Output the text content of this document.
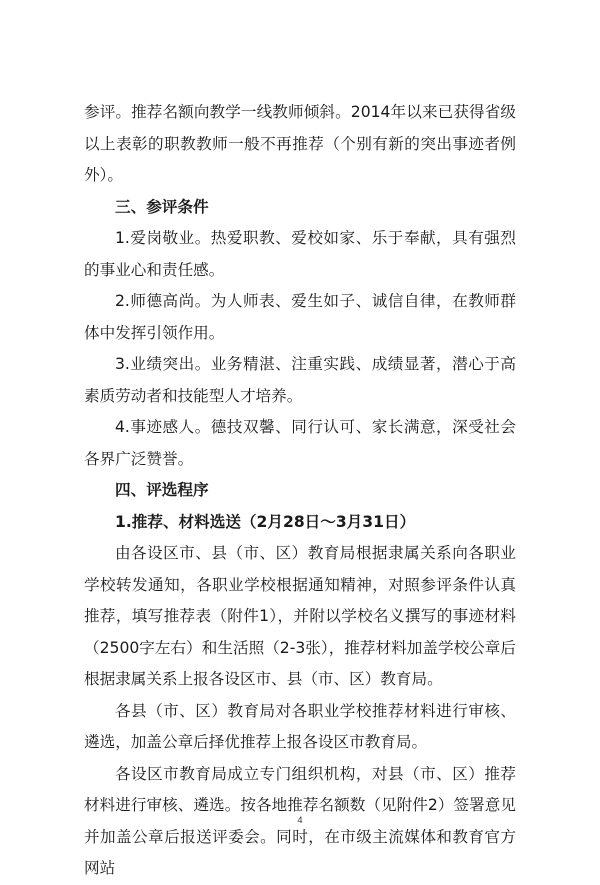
参评。推荐名额向教学一线教师倾斜。2014年以来已获得省级以上表彰的职教教师一般不再推荐（个别有新的突出事迹者例外）。

三、参评条件

1.爱岗敬业。热爱职教、爱校如家、乐于奉献，具有强烈的事业心和责任感。

2.师德高尚。为人师表、爱生如子、诚信自律，在教师群体中发挥引领作用。

3.业绩突出。业务精湛、注重实践、成绩显著，潜心于高素质劳动者和技能型人才培养。

4.事迹感人。德技双馨、同行认可、家长满意，深受社会各界广泛赞誉。

四、评选程序

1.推荐、材料选送（2月28日～3月31日）

由各设区市、县（市、区）教育局根据隶属关系向各职业学校转发通知，各职业学校根据通知精神，对照参评条件认真推荐，填写推荐表（附件1），并附以学校名义撰写的事迹材料（2500字左右）和生活照（2-3张），推荐材料加盖学校公章后根据隶属关系上报各设区市、县（市、区）教育局。

各县（市、区）教育局对各职业学校推荐材料进行审核、遴选，加盖公章后择优推荐上报各设区市教育局。

各设区市教育局成立专门组织机构，对县（市、区）推荐材料进行审核、遴选。按各地推荐名额数（见附件2）签署意见并加盖公章后报送评委会。同时，在市级主流媒体和教育官方网站

4
